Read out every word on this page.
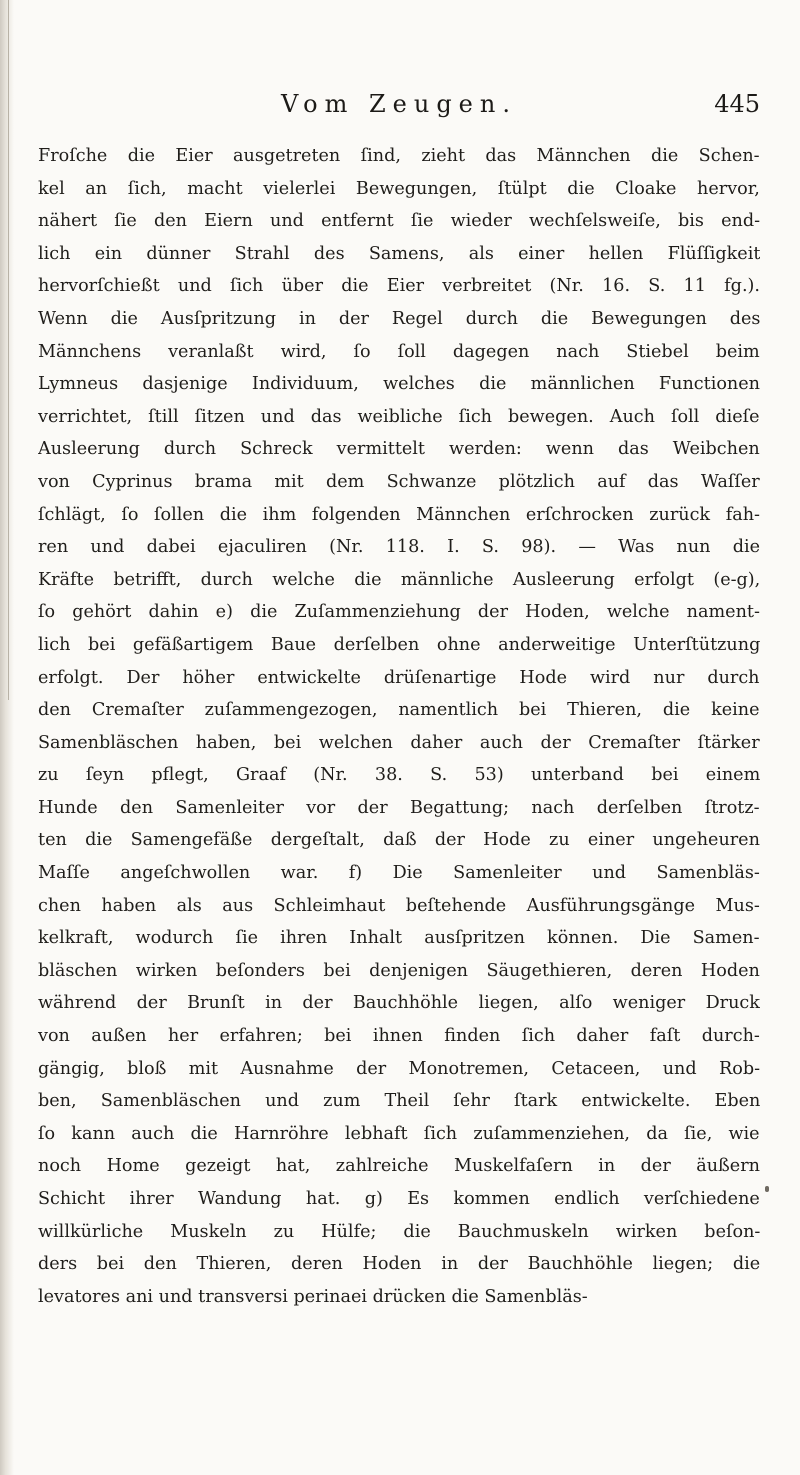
Vom Zeugen.	445
Froſche die Eier ausgetreten ſind, zieht das Männchen die Schen-
kel an ſich, macht vielerlei Bewegungen, ſtülpt die Cloake hervor,
nähert ſie den Eiern und entfernt ſie wieder wechſelsweiſe, bis end-
lich ein dünner Strahl des Samens, als einer hellen Flüſſigkeit
hervorſchießt und ſich über die Eier verbreitet (Nr. 16. S. 11 fg.).
Wenn die Ausſpritzung in der Regel durch die Bewegungen des
Männchens veranlaßt wird, ſo ſoll dagegen nach Stiebel beim
Lymneus dasjenige Individuum, welches die männlichen Functionen
verrichtet, ſtill ſitzen und das weibliche ſich bewegen. Auch ſoll dieſe
Ausleerung durch Schreck vermittelt werden: wenn das Weibchen
von Cyprinus brama mit dem Schwanze plötzlich auf das Waſſer
ſchlägt, ſo ſollen die ihm folgenden Männchen erſchrocken zurück fah-
ren und dabei ejaculiren (Nr. 118. I. S. 98). — Was nun die
Kräfte betrifft, durch welche die männliche Ausleerung erfolgt (e-g),
ſo gehört dahin e) die Zuſammenziehung der Hoden, welche nament-
lich bei gefäßartigem Baue derſelben ohne anderweitige Unterſtützung
erfolgt. Der höher entwickelte drüſenartige Hode wird nur durch
den Cremaſter zuſammengezogen, namentlich bei Thieren, die keine
Samenbläschen haben, bei welchen daher auch der Cremaſter ſtärker
zu ſeyn pflegt, Graaf (Nr. 38. S. 53) unterband bei einem
Hunde den Samenleiter vor der Begattung; nach derſelben ſtrotz-
ten die Samengefäße dergeſtalt, daß der Hode zu einer ungeheuren
Maſſe angeſchwollen war. f) Die Samenleiter und Samenbläs-
chen haben als aus Schleimhaut beſtehende Ausführungsgänge Mus-
kelkraft, wodurch ſie ihren Inhalt ausſpritzen können. Die Samen-
bläschen wirken beſonders bei denjenigen Säugethieren, deren Hoden
während der Brunſt in der Bauchhöhle liegen, alſo weniger Druck
von außen her erfahren; bei ihnen finden ſich daher faſt durch-
gängig, bloß mit Ausnahme der Monotremen, Cetaceen, und Rob-
ben, Samenbläschen und zum Theil ſehr ſtark entwickelte. Eben
ſo kann auch die Harnröhre lebhaft ſich zuſammenziehen, da ſie, wie
noch Home gezeigt hat, zahlreiche Muskelfaſern in der äußern
Schicht ihrer Wandung hat. g) Es kommen endlich verſchiedene
willkürliche Muskeln zu Hülfe; die Bauchmuskeln wirken beſon-
ders bei den Thieren, deren Hoden in der Bauchhöhle liegen; die
levatores ani und transversi perinaei drücken die Samenbläs-
